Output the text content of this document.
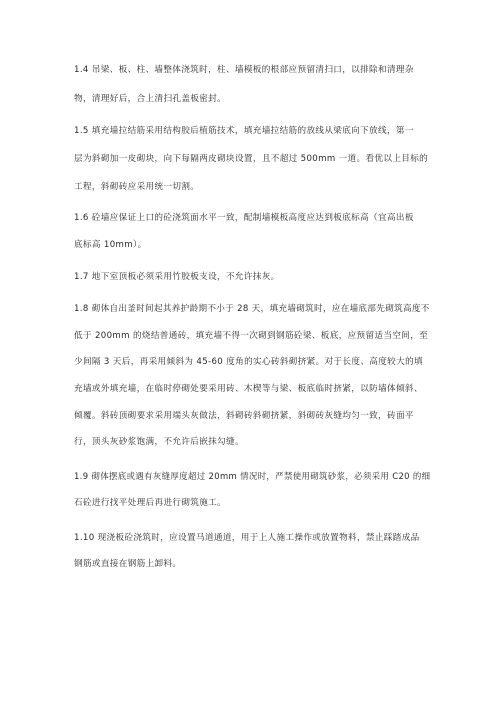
1.4 吊梁、板、柱、墙整体浇筑时，柱、墙模板的根部应预留清扫口，以排除和清理杂
物，清理好后，合上清扫孔盖板密封。
1.5 填充墙拉结筋采用结构胶后植筋技术，填充墙拉结筋的放线从梁底向下放线，第一
层为斜砌加一皮砌块，向下每隔两皮砌块设置，且不超过 500mm 一道。看优以上目标的
工程，斜砌砖应采用统一切割。
1.6 砼墙应保证上口的砼浇筑面水平一致，配制墙模板高度应达到板底标高（宜高出板
底标高 10mm）。
1.7 地下室顶板必须采用竹胶板支设，不允许抹灰。
1.8 砌体自出釜时间起其养护龄期不小于 28 天，填充墙砌筑时，应在墙底部先砌筑高度不
低于 200mm 的烧结普通砖，填充墙不得一次砌到钢筋砼梁、板底，应预留适当空间，至
少间隔 3 天后，再采用倾斜为 45-60 度角的实心砖斜砌挤紧。对于长度、高度较大的填
充墙或外填充墙，在临时停砌处要采用砖、木楔等与梁、板底临时挤紧，以防墙体倾斜、
倾覆。斜砖顶砌要求采用端头灰做法，斜砌砖斜砌挤紧，斜砌砖灰缝均匀一致，砖面平
行，顶头灰砂浆饱满，不允许后嵌抹勾缝。
1.9 砌体摆底或遇有灰缝厚度超过 20mm 情况时，严禁使用砌筑砂浆，必须采用 C20 的细
石砼进行找平处理后再进行砌筑施工。
1.10 现浇板砼浇筑时，应设置马道通道，用于上人施工操作或放置物料，禁止踩踏成品
钢筋或直接在钢筋上卸料。
